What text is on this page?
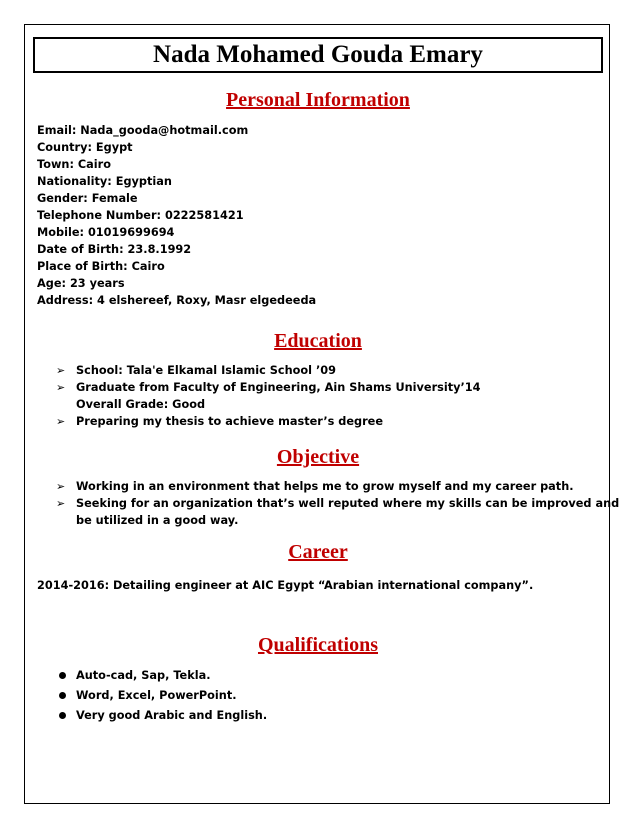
Nada Mohamed Gouda Emary
Personal Information
Email: Nada_gooda@hotmail.com
Country: Egypt
Town: Cairo
Nationality: Egyptian
Gender: Female
Telephone Number: 0222581421
Mobile: 01019699694
Date of Birth: 23.8.1992
Place of Birth: Cairo
Age: 23 years
Address: 4 elshereef, Roxy, Masr elgedeeda
Education
➢ School: Tala'e Elkamal Islamic School ’09
➢ Graduate from Faculty of Engineering, Ain Shams University’14
Overall Grade: Good
➢ Preparing my thesis to achieve master’s degree
Objective
➢ Working in an environment that helps me to grow myself and my career path.
➢ Seeking for an organization that’s well reputed where my skills can be improved and
be utilized in a good way.
Career
2014-2016: Detailing engineer at AIC Egypt “Arabian international company”.
Qualifications
Auto-cad, Sap, Tekla.
Word, Excel, PowerPoint.
Very good Arabic and English.
